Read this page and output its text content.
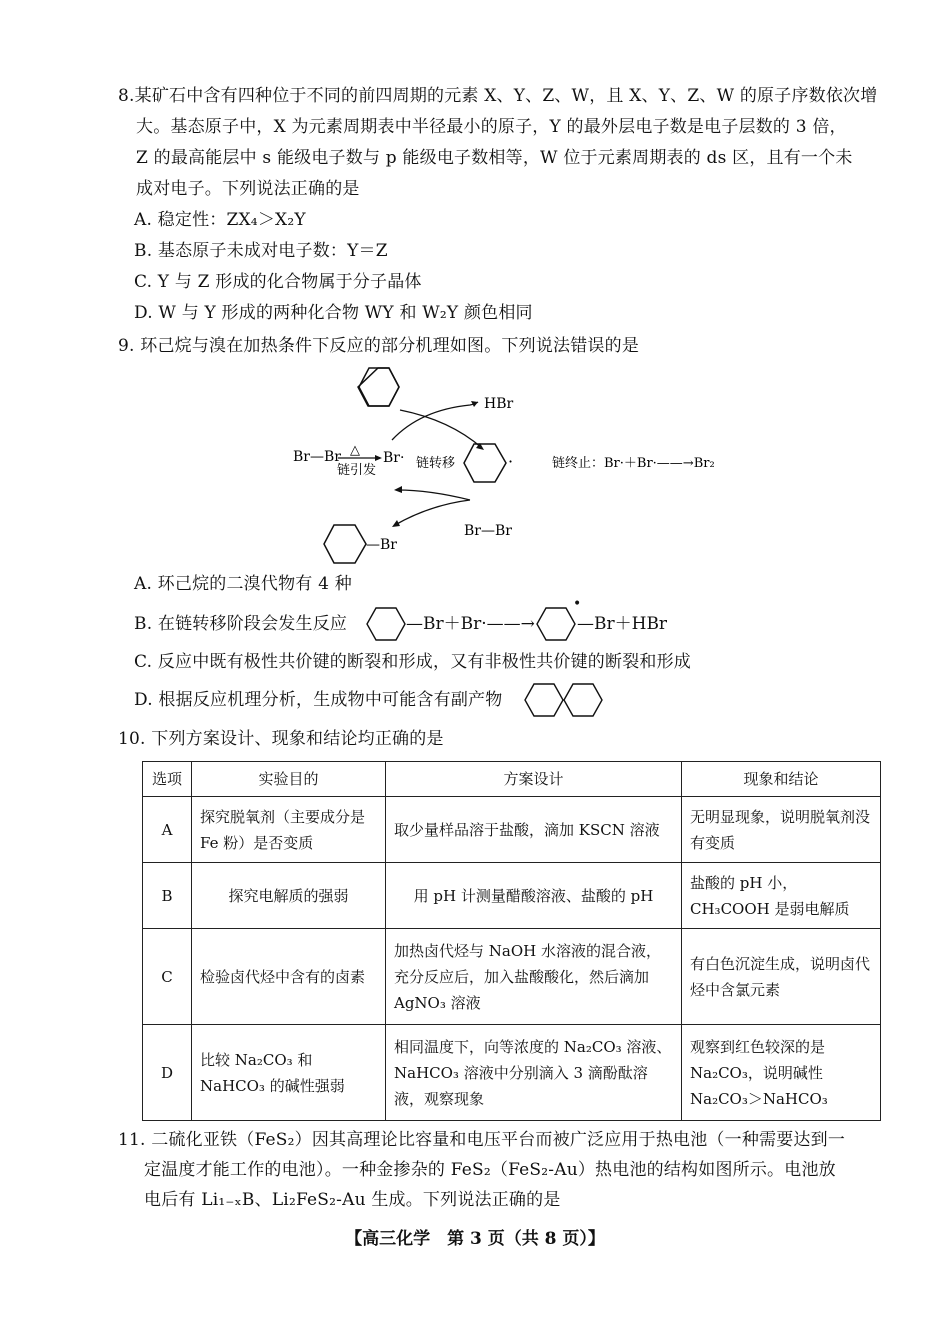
8.某矿石中含有四种位于不同的前四周期的元素 X、Y、Z、W，且 X、Y、Z、W 的原子序数依次增
大。基态原子中，X 为元素周期表中半径最小的原子，Y 的最外层电子数是电子层数的 3 倍，
Z 的最高能层中 s 能级电子数与 p 能级电子数相等，W 位于元素周期表的 ds 区，且有一个未
成对电子。下列说法正确的是
A. 稳定性：ZX₄＞X₂Y
B. 基态原子未成对电子数：Y＝Z
C. Y 与 Z 形成的化合物属于分子晶体
D. W 与 Y 形成的两种化合物 WY 和 W₂Y 颜色相同
9. 环己烷与溴在加热条件下反应的部分机理如图。下列说法错误的是
HBr
Br—Br △ Br·
链引发	链转移	·	链终止：Br·＋Br·——→Br₂
Br—Br
—Br
A. 环己烷的二溴代物有 4 种
B. 在链转移阶段会发生反应	—Br＋Br·——→
•
—Br＋HBr
C. 反应中既有极性共价键的断裂和形成，又有非极性共价键的断裂和形成
D. 根据反应机理分析，生成物中可能含有副产物
10. 下列方案设计、现象和结论均正确的是
选项	实验目的	方案设计	现象和结论
A	探究脱氧剂（主要成分是 Fe 粉）是否变质	取少量样品溶于盐酸，滴加 KSCN 溶液	无明显现象，说明脱氧剂没有变质
B	探究电解质的强弱	用 pH 计测量醋酸溶液、盐酸的 pH	盐酸的 pH 小，CH₃COOH 是弱电解质
C	检验卤代烃中含有的卤素	加热卤代烃与 NaOH 水溶液的混合液，充分反应后，加入盐酸酸化，然后滴加 AgNO₃ 溶液	有白色沉淀生成，说明卤代烃中含氯元素
D	比较 Na₂CO₃ 和 NaHCO₃ 的碱性强弱	相同温度下，向等浓度的 Na₂CO₃ 溶液、NaHCO₃ 溶液中分别滴入 3 滴酚酞溶液，观察现象	观察到红色较深的是 Na₂CO₃，说明碱性 Na₂CO₃＞NaHCO₃
11. 二硫化亚铁（FeS₂）因其高理论比容量和电压平台而被广泛应用于热电池（一种需要达到一
定温度才能工作的电池）。一种金掺杂的 FeS₂（FeS₂-Au）热电池的结构如图所示。电池放
电后有 Li₁₋ₓB、Li₂FeS₂-Au 生成。下列说法正确的是
【高三化学　第 3 页（共 8 页）】
